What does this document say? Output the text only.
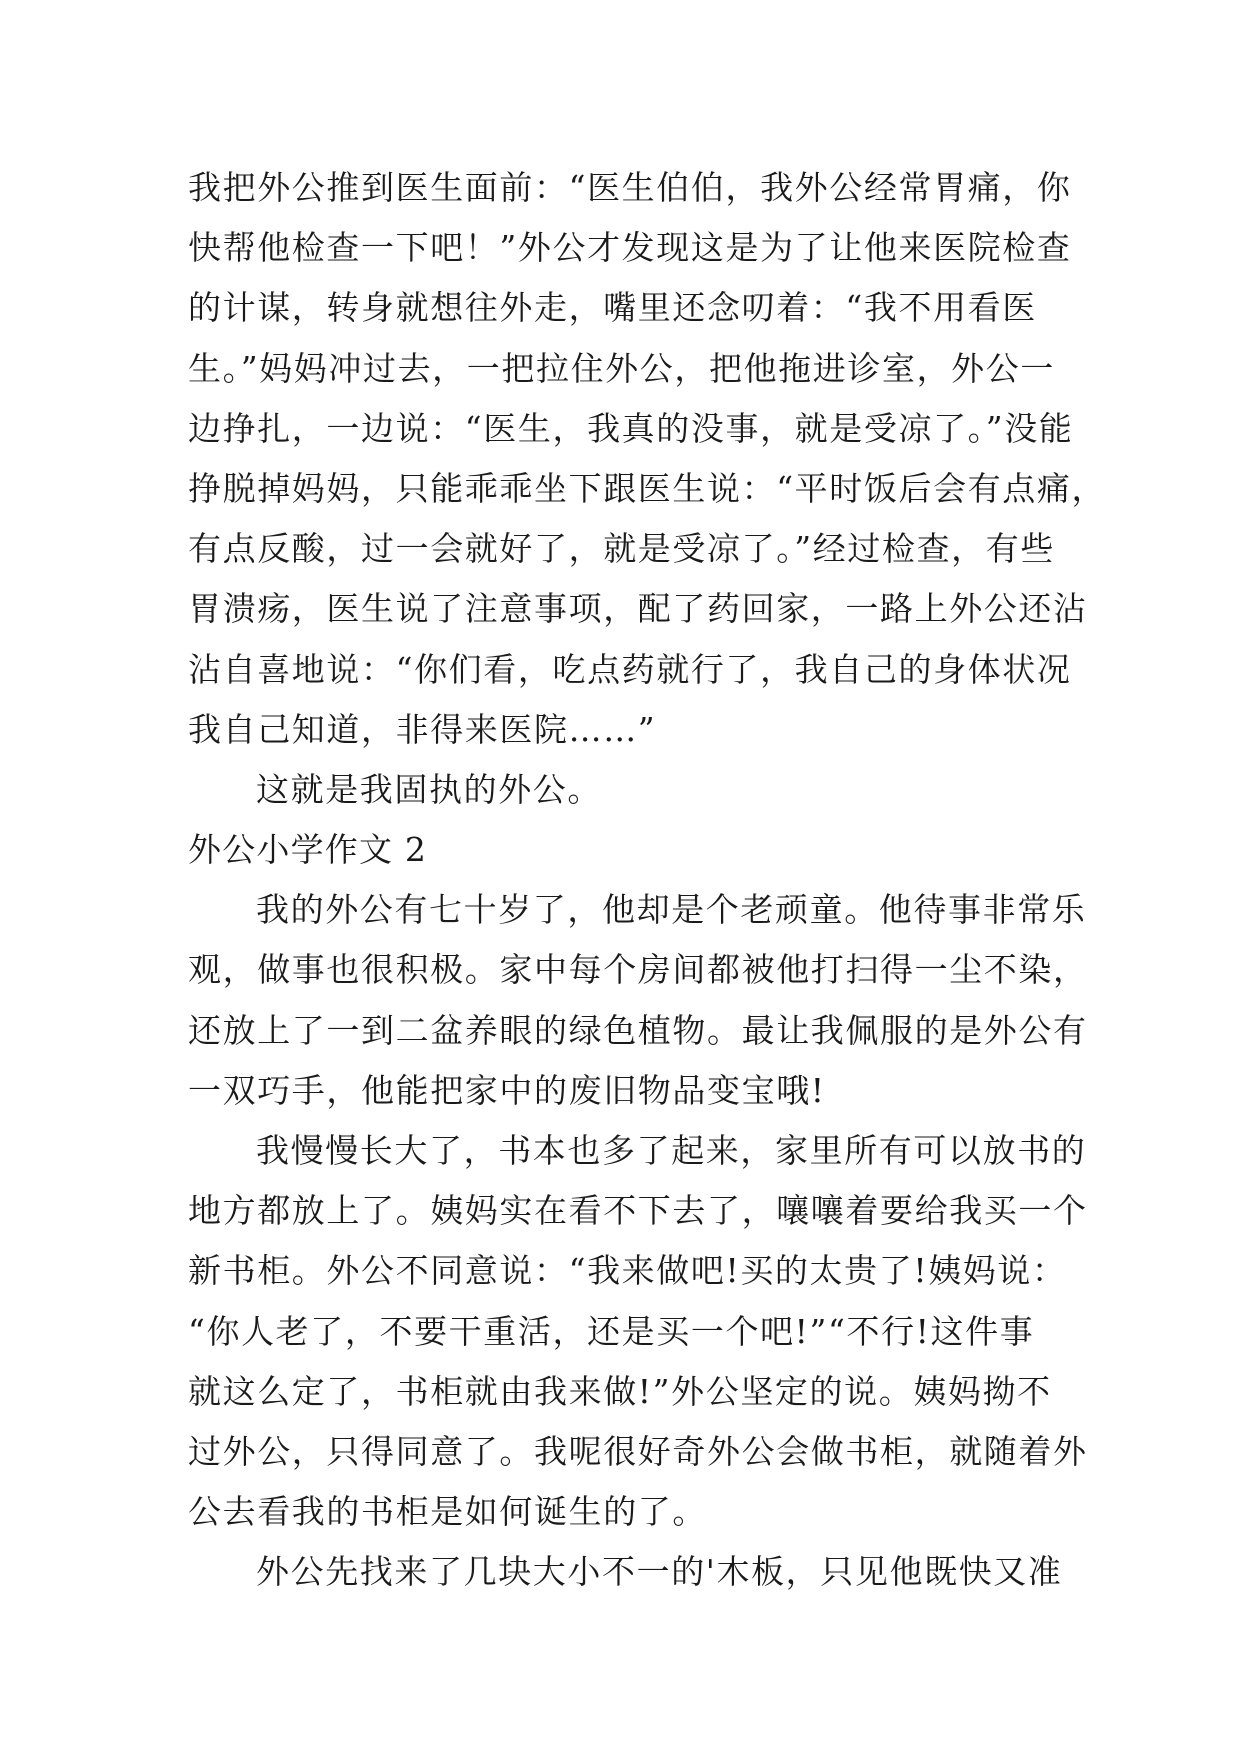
我把外公推到医生面前：“医生伯伯，我外公经常胃痛，你
快帮他检查一下吧！”外公才发现这是为了让他来医院检查
的计谋，转身就想往外走，嘴里还念叨着：“我不用看医
生。”妈妈冲过去，一把拉住外公，把他拖进诊室，外公一
边挣扎，一边说：“医生，我真的没事，就是受凉了。”没能
挣脱掉妈妈，只能乖乖坐下跟医生说：“平时饭后会有点痛，
有点反酸，过一会就好了，就是受凉了。”经过检查，有些
胃溃疡，医生说了注意事项，配了药回家，一路上外公还沾
沾自喜地说：“你们看，吃点药就行了，我自己的身体状况
我自己知道，非得来医院……”
这就是我固执的外公。
外公小学作文 2
我的外公有七十岁了，他却是个老顽童。他待事非常乐
观，做事也很积极。家中每个房间都被他打扫得一尘不染，
还放上了一到二盆养眼的绿色植物。最让我佩服的是外公有
一双巧手，他能把家中的废旧物品变宝哦!
我慢慢长大了，书本也多了起来，家里所有可以放书的
地方都放上了。姨妈实在看不下去了，嚷嚷着要给我买一个
新书柜。外公不同意说：“我来做吧!买的太贵了!姨妈说：
“你人老了，不要干重活，还是买一个吧!”“不行!这件事
就这么定了，书柜就由我来做!”外公坚定的说。姨妈拗不
过外公，只得同意了。我呢很好奇外公会做书柜，就随着外
公去看我的书柜是如何诞生的了。
外公先找来了几块大小不一的'木板，只见他既快又准
